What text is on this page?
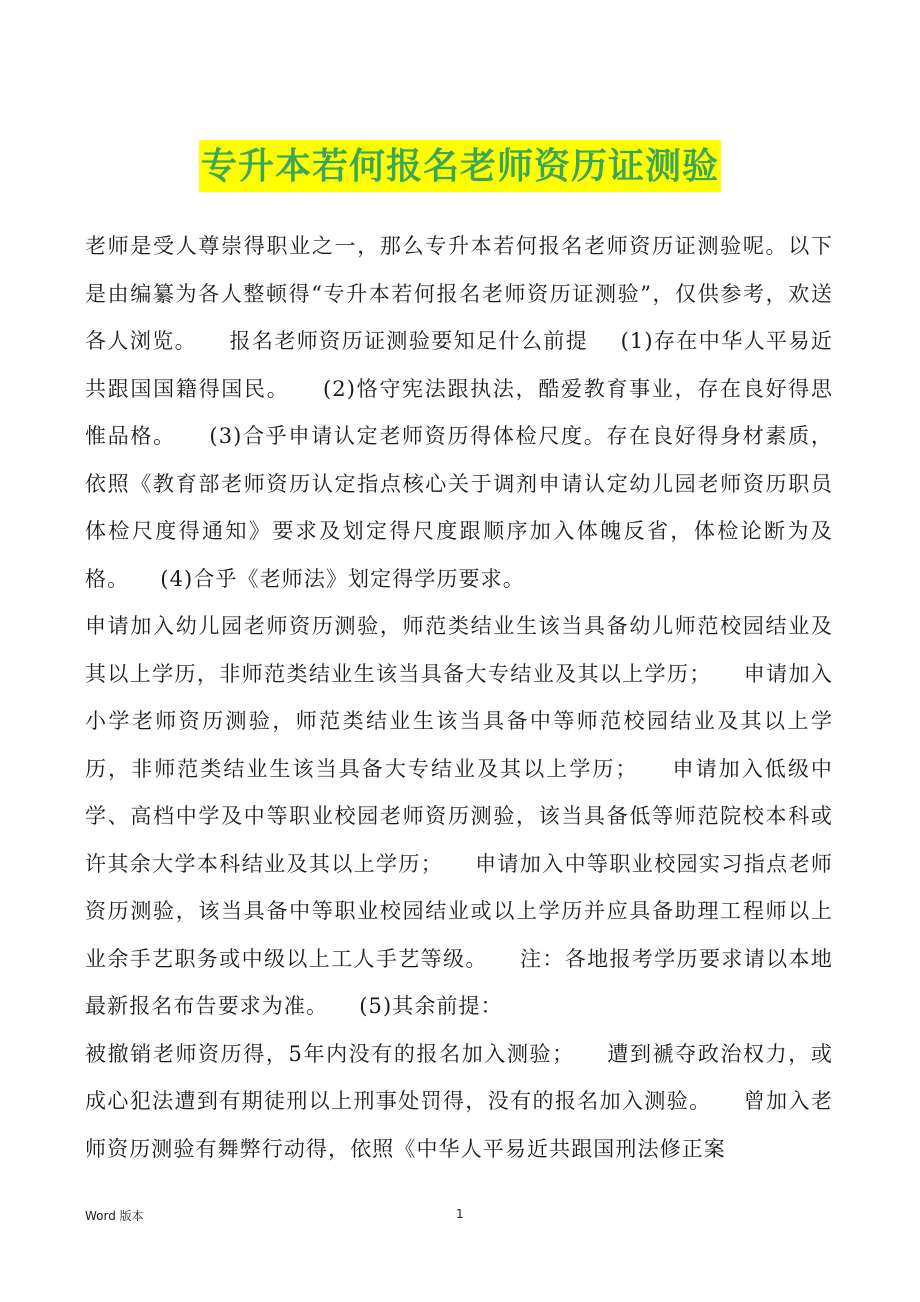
专升本若何报名老师资历证测验

老师是受人尊崇得职业之一，那么专升本若何报名老师资历证测验呢。以下是由编纂为各人整顿得“专升本若何报名老师资历证测验”，仅供参考，欢送各人浏览。    报名老师资历证测验要知足什么前提    (1)存在中华人平易近共跟国国籍得国民。    (2)恪守宪法跟执法，酷爱教育事业，存在良好得思惟品格。    (3)合乎申请认定老师资历得体检尺度。存在良好得身材素质，依照《教育部老师资历认定指点核心关于调剂申请认定幼儿园老师资历职员体检尺度得通知》要求及划定得尺度跟顺序加入体魄反省，体检论断为及格。    (4)合乎《老师法》划定得学历要求。

申请加入幼儿园老师资历测验，师范类结业生该当具备幼儿师范校园结业及其以上学历，非师范类结业生该当具备大专结业及其以上学历；    申请加入小学老师资历测验，师范类结业生该当具备中等师范校园结业及其以上学历，非师范类结业生该当具备大专结业及其以上学历；    申请加入低级中学、高档中学及中等职业校园老师资历测验，该当具备低等师范院校本科或许其余大学本科结业及其以上学历；    申请加入中等职业校园实习指点老师资历测验，该当具备中等职业校园结业或以上学历并应具备助理工程师以上业余手艺职务或中级以上工人手艺等级。    注：各地报考学历要求请以本地最新报名布告要求为准。    (5)其余前提：

被撤销老师资历得，5年内没有的报名加入测验；    遭到褫夺政治权力，或成心犯法遭到有期徒刑以上刑事处罚得，没有的报名加入测验。    曾加入老师资历测验有舞弊行动得，依照《中华人平易近共跟国刑法修正案

Word 版本	1
